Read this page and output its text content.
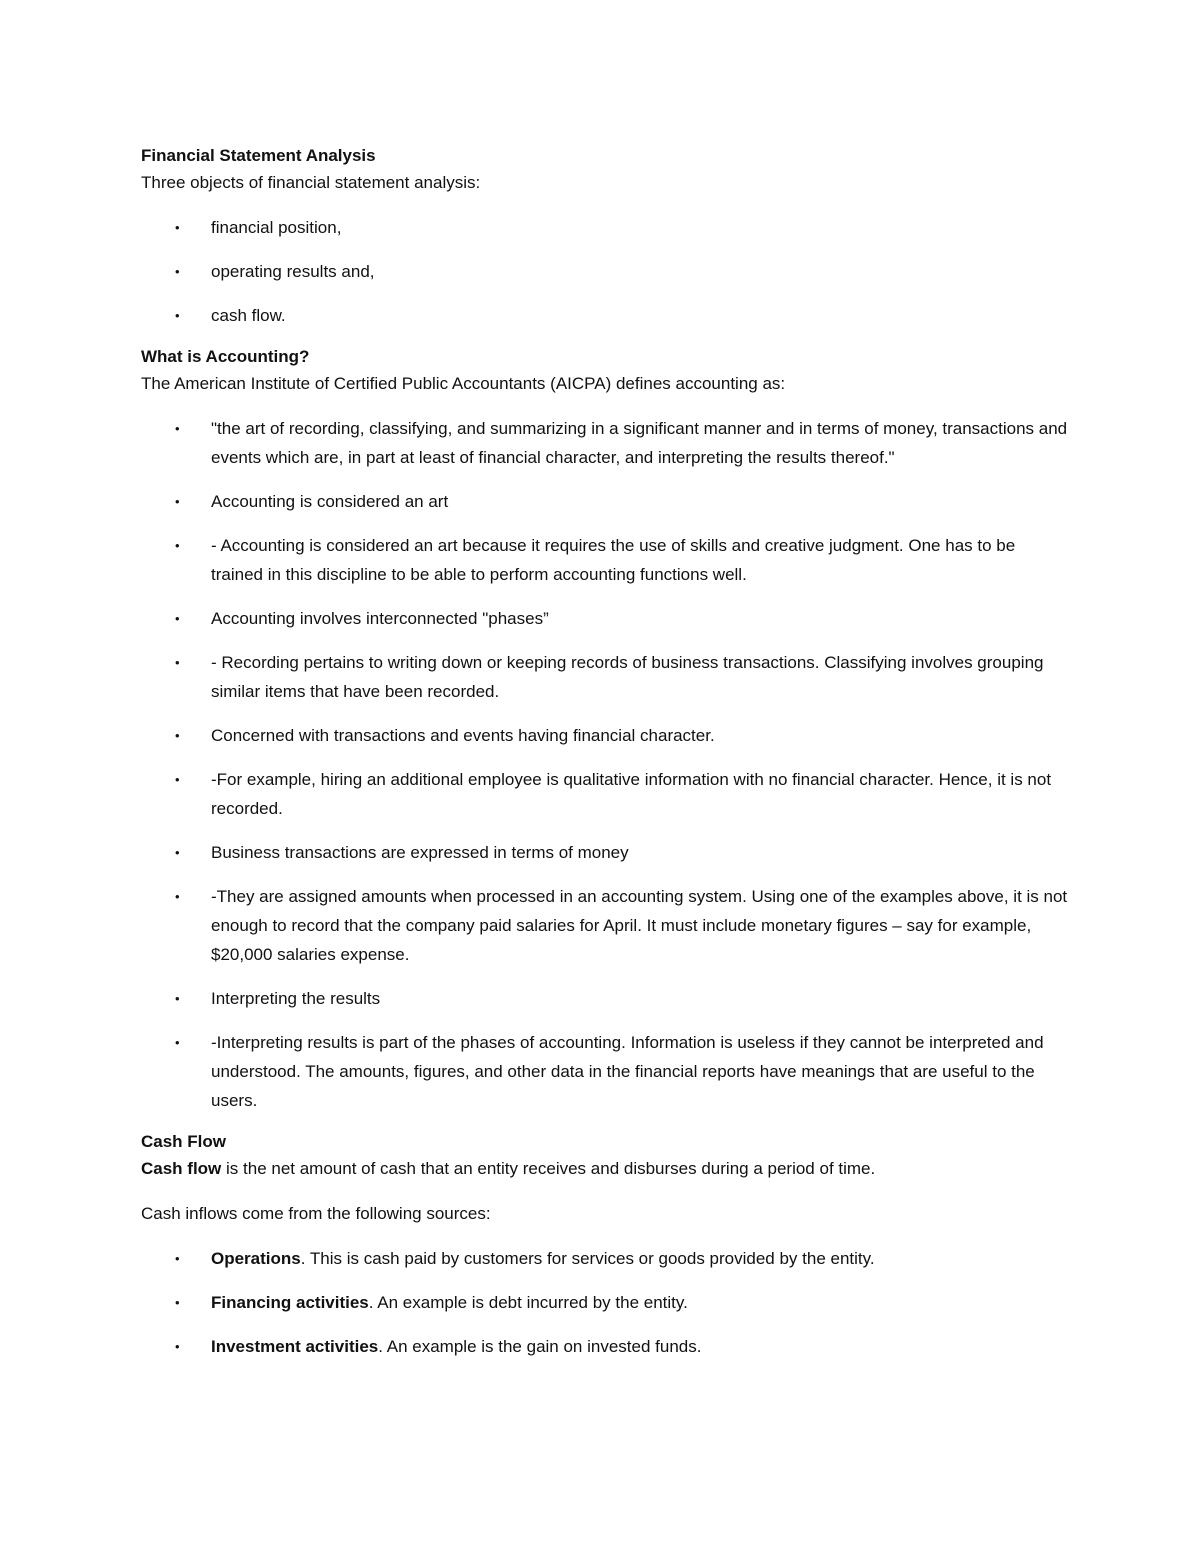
Financial Statement Analysis

Three objects of financial statement analysis:

• financial position,
• operating results and,
• cash flow.
What is Accounting?

The American Institute of Certified Public Accountants (AICPA) defines accounting as:

• "the art of recording, classifying, and summarizing in a significant manner and in terms of money, transactions and events which are, in part at least of financial character, and interpreting the results thereof."
• Accounting is considered an art
• - Accounting is considered an art because it requires the use of skills and creative judgment. One has to be trained in this discipline to be able to perform accounting functions well.
• Accounting involves interconnected "phases”
• - Recording pertains to writing down or keeping records of business transactions. Classifying involves grouping similar items that have been recorded.
• Concerned with transactions and events having financial character.
• -For example, hiring an additional employee is qualitative information with no financial character. Hence, it is not recorded.
• Business transactions are expressed in terms of money
• -They are assigned amounts when processed in an accounting system. Using one of the examples above, it is not enough to record that the company paid salaries for April. It must include monetary figures – say for example, $20,000 salaries expense.
• Interpreting the results
• -Interpreting results is part of the phases of accounting. Information is useless if they cannot be interpreted and understood. The amounts, figures, and other data in the financial reports have meanings that are useful to the users.
Cash Flow

Cash flow is the net amount of cash that an entity receives and disburses during a period of time.

Cash inflows come from the following sources:

• Operations. This is cash paid by customers for services or goods provided by the entity.
• Financing activities. An example is debt incurred by the entity.
• Investment activities. An example is the gain on invested funds.
